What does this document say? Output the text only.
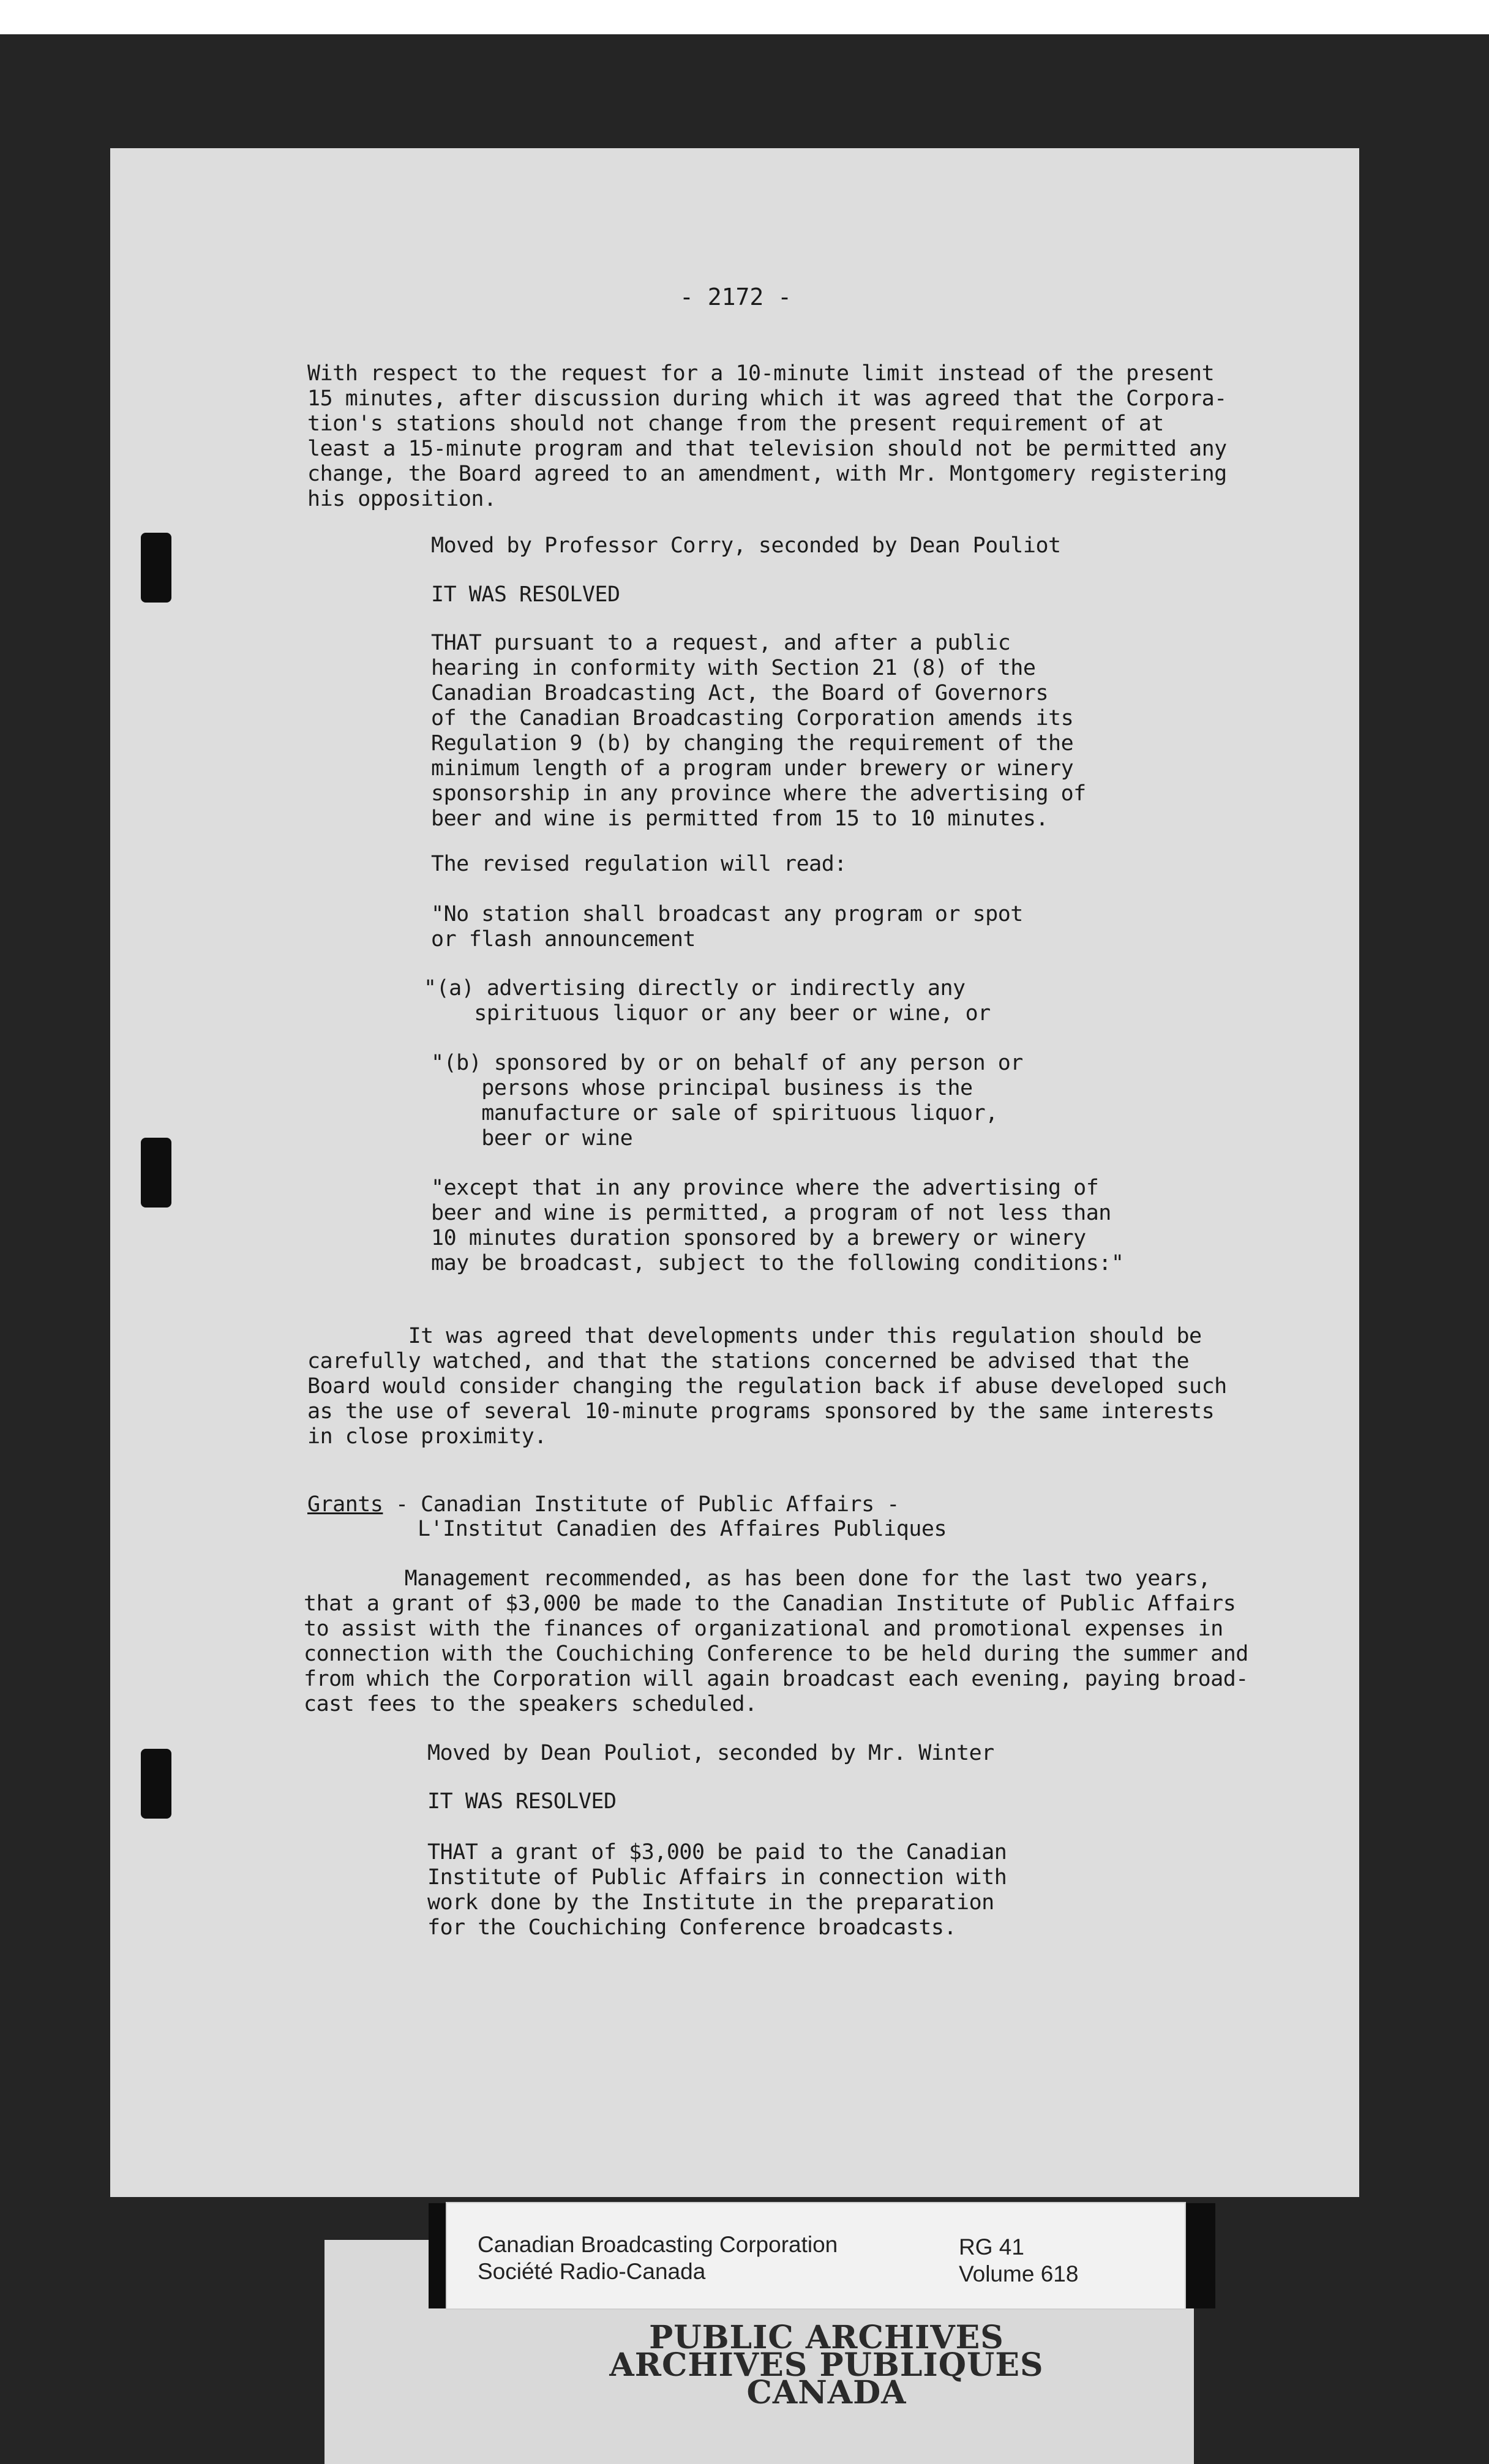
- 2172 -
With respect to the request for a 10-minute limit instead of the present
15 minutes, after discussion during which it was agreed that the Corpora-
tion's stations should not change from the present requirement of at
least a 15-minute program and that television should not be permitted any
change, the Board agreed to an amendment, with Mr. Montgomery registering
his opposition.
Moved by Professor Corry, seconded by Dean Pouliot
IT WAS RESOLVED
THAT pursuant to a request, and after a public
hearing in conformity with Section 21 (8) of the
Canadian Broadcasting Act, the Board of Governors
of the Canadian Broadcasting Corporation amends its
Regulation 9 (b) by changing the requirement of the
minimum length of a program under brewery or winery
sponsorship in any province where the advertising of
beer and wine is permitted from 15 to 10 minutes.
The revised regulation will read:
"No station shall broadcast any program or spot
or flash announcement
"(a) advertising directly or indirectly any
spirituous liquor or any beer or wine, or
"(b) sponsored by or on behalf of any person or
persons whose principal business is the
manufacture or sale of spirituous liquor,
beer or wine
"except that in any province where the advertising of
beer and wine is permitted, a program of not less than
10 minutes duration sponsored by a brewery or winery
may be broadcast, subject to the following conditions:"
It was agreed that developments under this regulation should be
carefully watched, and that the stations concerned be advised that the
Board would consider changing the regulation back if abuse developed such
as the use of several 10-minute programs sponsored by the same interests
in close proximity.
Grants - Canadian Institute of Public Affairs -
L'Institut Canadien des Affaires Publiques
Management recommended, as has been done for the last two years,
that a grant of $3,000 be made to the Canadian Institute of Public Affairs
to assist with the finances of organizational and promotional expenses in
connection with the Couchiching Conference to be held during the summer and
from which the Corporation will again broadcast each evening, paying broad-
cast fees to the speakers scheduled.
Moved by Dean Pouliot, seconded by Mr. Winter
IT WAS RESOLVED
THAT a grant of $3,000 be paid to the Canadian
Institute of Public Affairs in connection with
work done by the Institute in the preparation
for the Couchiching Conference broadcasts.
Canadian Broadcasting Corporation
Société Radio-Canada
RG 41
Volume 618
PUBLIC ARCHIVES
ARCHIVES PUBLIQUES
CANADA
